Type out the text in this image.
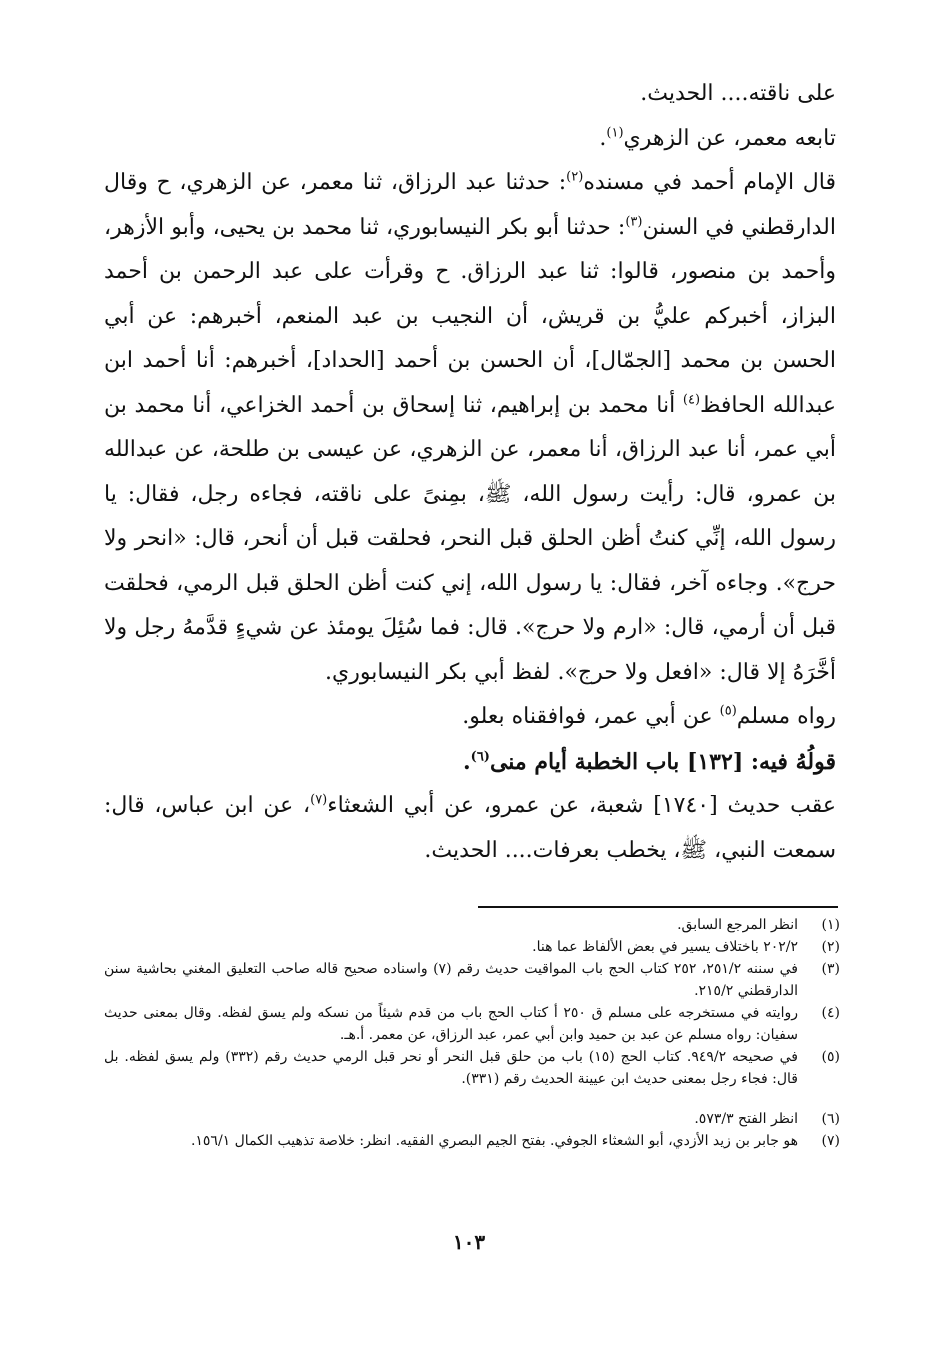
على ناقته.... الحديث.

تابعه معمر، عن الزهري$^{(١)}$.

قال الإمام أحمد في مسنده$^{(٢)}$: حدثنا عبد الرزاق، ثنا معمر، عن الزهري، ح وقال الدارقطني في السنن$^{(٣)}$: حدثنا أبو بكر النيسابوري، ثنا محمد بن يحيى، وأبو الأزهر، وأحمد بن منصور، قالوا: ثنا عبد الرزاق. ح وقرأت على عبد الرحمن بن أحمد البزاز، أخبركم عليُّ بن قريش، أن النجيب بن عبد المنعم، أخبرهم: عن أبي الحسن بن محمد [الجمّال]، أن الحسن بن أحمد [الحداد]، أخبرهم: أنا أحمد ابن عبدالله الحافظ$^{(٤)}$ أنا محمد بن إبراهيم، ثنا إسحاق بن أحمد الخزاعي، أنا محمد بن أبي عمر، أنا عبد الرزاق، أنا معمر، عن الزهري، عن عيسى بن طلحة، عن عبدالله بن عمرو، قال: رأيت رسول الله، ﷺ، بمِنىً على ناقته، فجاءه رجل، فقال: يا رسول الله، إنِّي كنتُ أظن الحلق قبل النحر، فحلقت قبل أن أنحر، قال: «انحر ولا حرج». وجاءه آخر، فقال: يا رسول الله، إني كنت أظن الحلق قبل الرمي، فحلقت قبل أن أرمي، قال: «ارم ولا حرج». قال: فما سُئِلَ يومئذ عن شيءٍ قدَّمهُ رجل ولا أخَّرَهُ إلا قال: «افعل ولا حرج». لفظ أبي بكر النيسابوري.

رواه مسلم$^{(٥)}$ عن أبي عمر، فوافقناه بعلو.

قولُهُ فيه: [١٣٢] باب الخطبة أيام منى$^{(٦)}$.

عقب حديث [١٧٤٠] شعبة، عن عمرو، عن أبي الشعثاء$^{(٧)}$، عن ابن عباس، قال: سمعت النبي، ﷺ، يخطب بعرفات.... الحديث.

(١)
انظر المرجع السابق.
(٢)
٢٠٢/٢ باختلاف يسير في بعض الألفاظ عما هنا.
(٣)
في سننه ٢٥١/٢، ٢٥٢ كتاب الحج باب المواقيت حديث رقم (٧) واسناده صحيح قاله صاحب التعليق المغني بحاشية سنن الدارقطني ٢١٥/٢.
(٤)
روايته في مستخرجه على مسلم ق ٢٥٠ أ كتاب الحج باب من قدم شيئاً من نسكه ولم يسق لفظه. وقال بمعنى حديث سفيان: رواه مسلم عن عبد بن حميد وابن أبي عمر، عبد الرزاق، عن معمر. أ.هـ.
(٥)
في صحيحه ٩٤٩/٢. كتاب الحج (١٥) باب من حلق قبل النحر أو نحر قبل الرمي حديث رقم (٣٣٢) ولم يسق لفظه. بل قال: فجاء رجل بمعنى حديث ابن عيينة الحديث رقم (٣٣١).
(٦)
انظر الفتح ٥٧٣/٣.
(٧)
هو جابر بن زيد الأزدي، أبو الشعثاء الجوفي. بفتح الجيم البصري الفقيه. انظر: خلاصة تذهيب الكمال ١٥٦/١.
١٠٣
